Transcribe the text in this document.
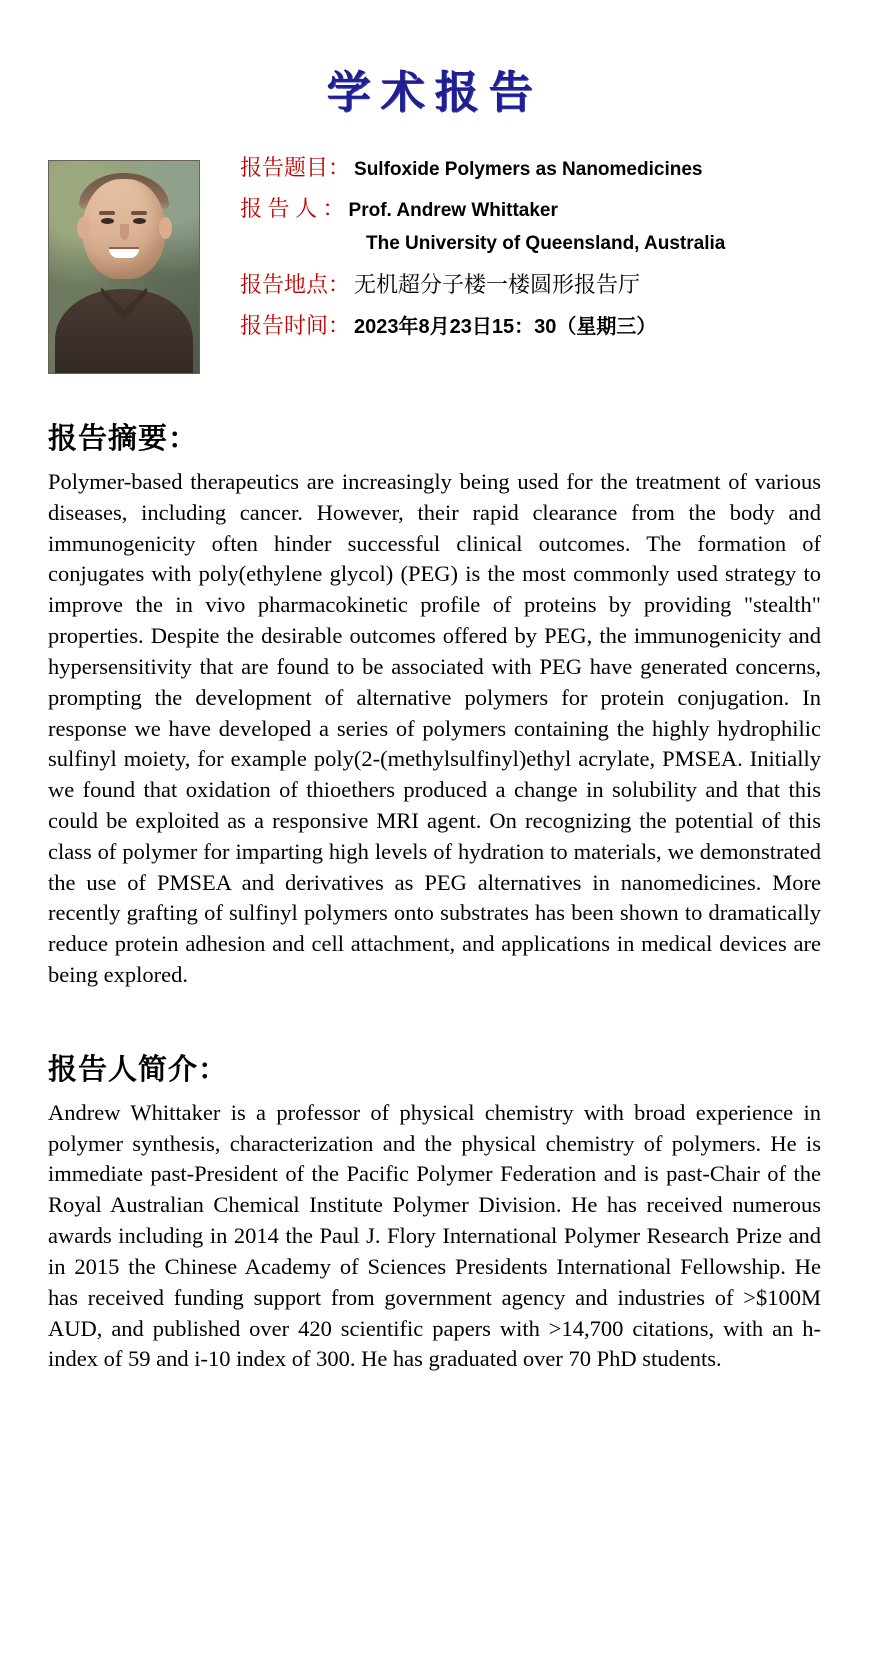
学术报告
报告题目： Sulfoxide Polymers as Nanomedicines
报 告 人 ： Prof. Andrew Whittaker
The University of Queensland, Australia
报告地点： 无机超分子楼一楼圆形报告厅
报告时间： 2023年8月23日15：30（星期三）
报告摘要：

Polymer-based therapeutics are increasingly being used for the treatment of various diseases, including cancer. However, their rapid clearance from the body and immunogenicity often hinder successful clinical outcomes. The formation of conjugates with poly(ethylene glycol) (PEG) is the most commonly used strategy to improve the in vivo pharmacokinetic profile of proteins by providing "stealth" properties. Despite the desirable outcomes offered by PEG, the immunogenicity and hypersensitivity that are found to be associated with PEG have generated concerns, prompting the development of alternative polymers for protein conjugation. In response we have developed a series of polymers containing the highly hydrophilic sulfinyl moiety, for example poly(2-(methylsulfinyl)ethyl acrylate, PMSEA. Initially we found that oxidation of thioethers produced a change in solubility and that this could be exploited as a responsive MRI agent. On recognizing the potential of this class of polymer for imparting high levels of hydration to materials, we demonstrated the use of PMSEA and derivatives as PEG alternatives in nanomedicines. More recently grafting of sulfinyl polymers onto substrates has been shown to dramatically reduce protein adhesion and cell attachment, and applications in medical devices are being explored.

报告人简介：

Andrew Whittaker is a professor of physical chemistry with broad experience in polymer synthesis, characterization and the physical chemistry of polymers. He is immediate past-President of the Pacific Polymer Federation and is past-Chair of the Royal Australian Chemical Institute Polymer Division. He has received numerous awards including in 2014 the Paul J. Flory International Polymer Research Prize and in 2015 the Chinese Academy of Sciences Presidents International Fellowship. He has received funding support from government agency and industries of >$100M AUD, and published over 420 scientific papers with >14,700 citations, with an h-index of 59 and i-10 index of 300. He has graduated over 70 PhD students.
